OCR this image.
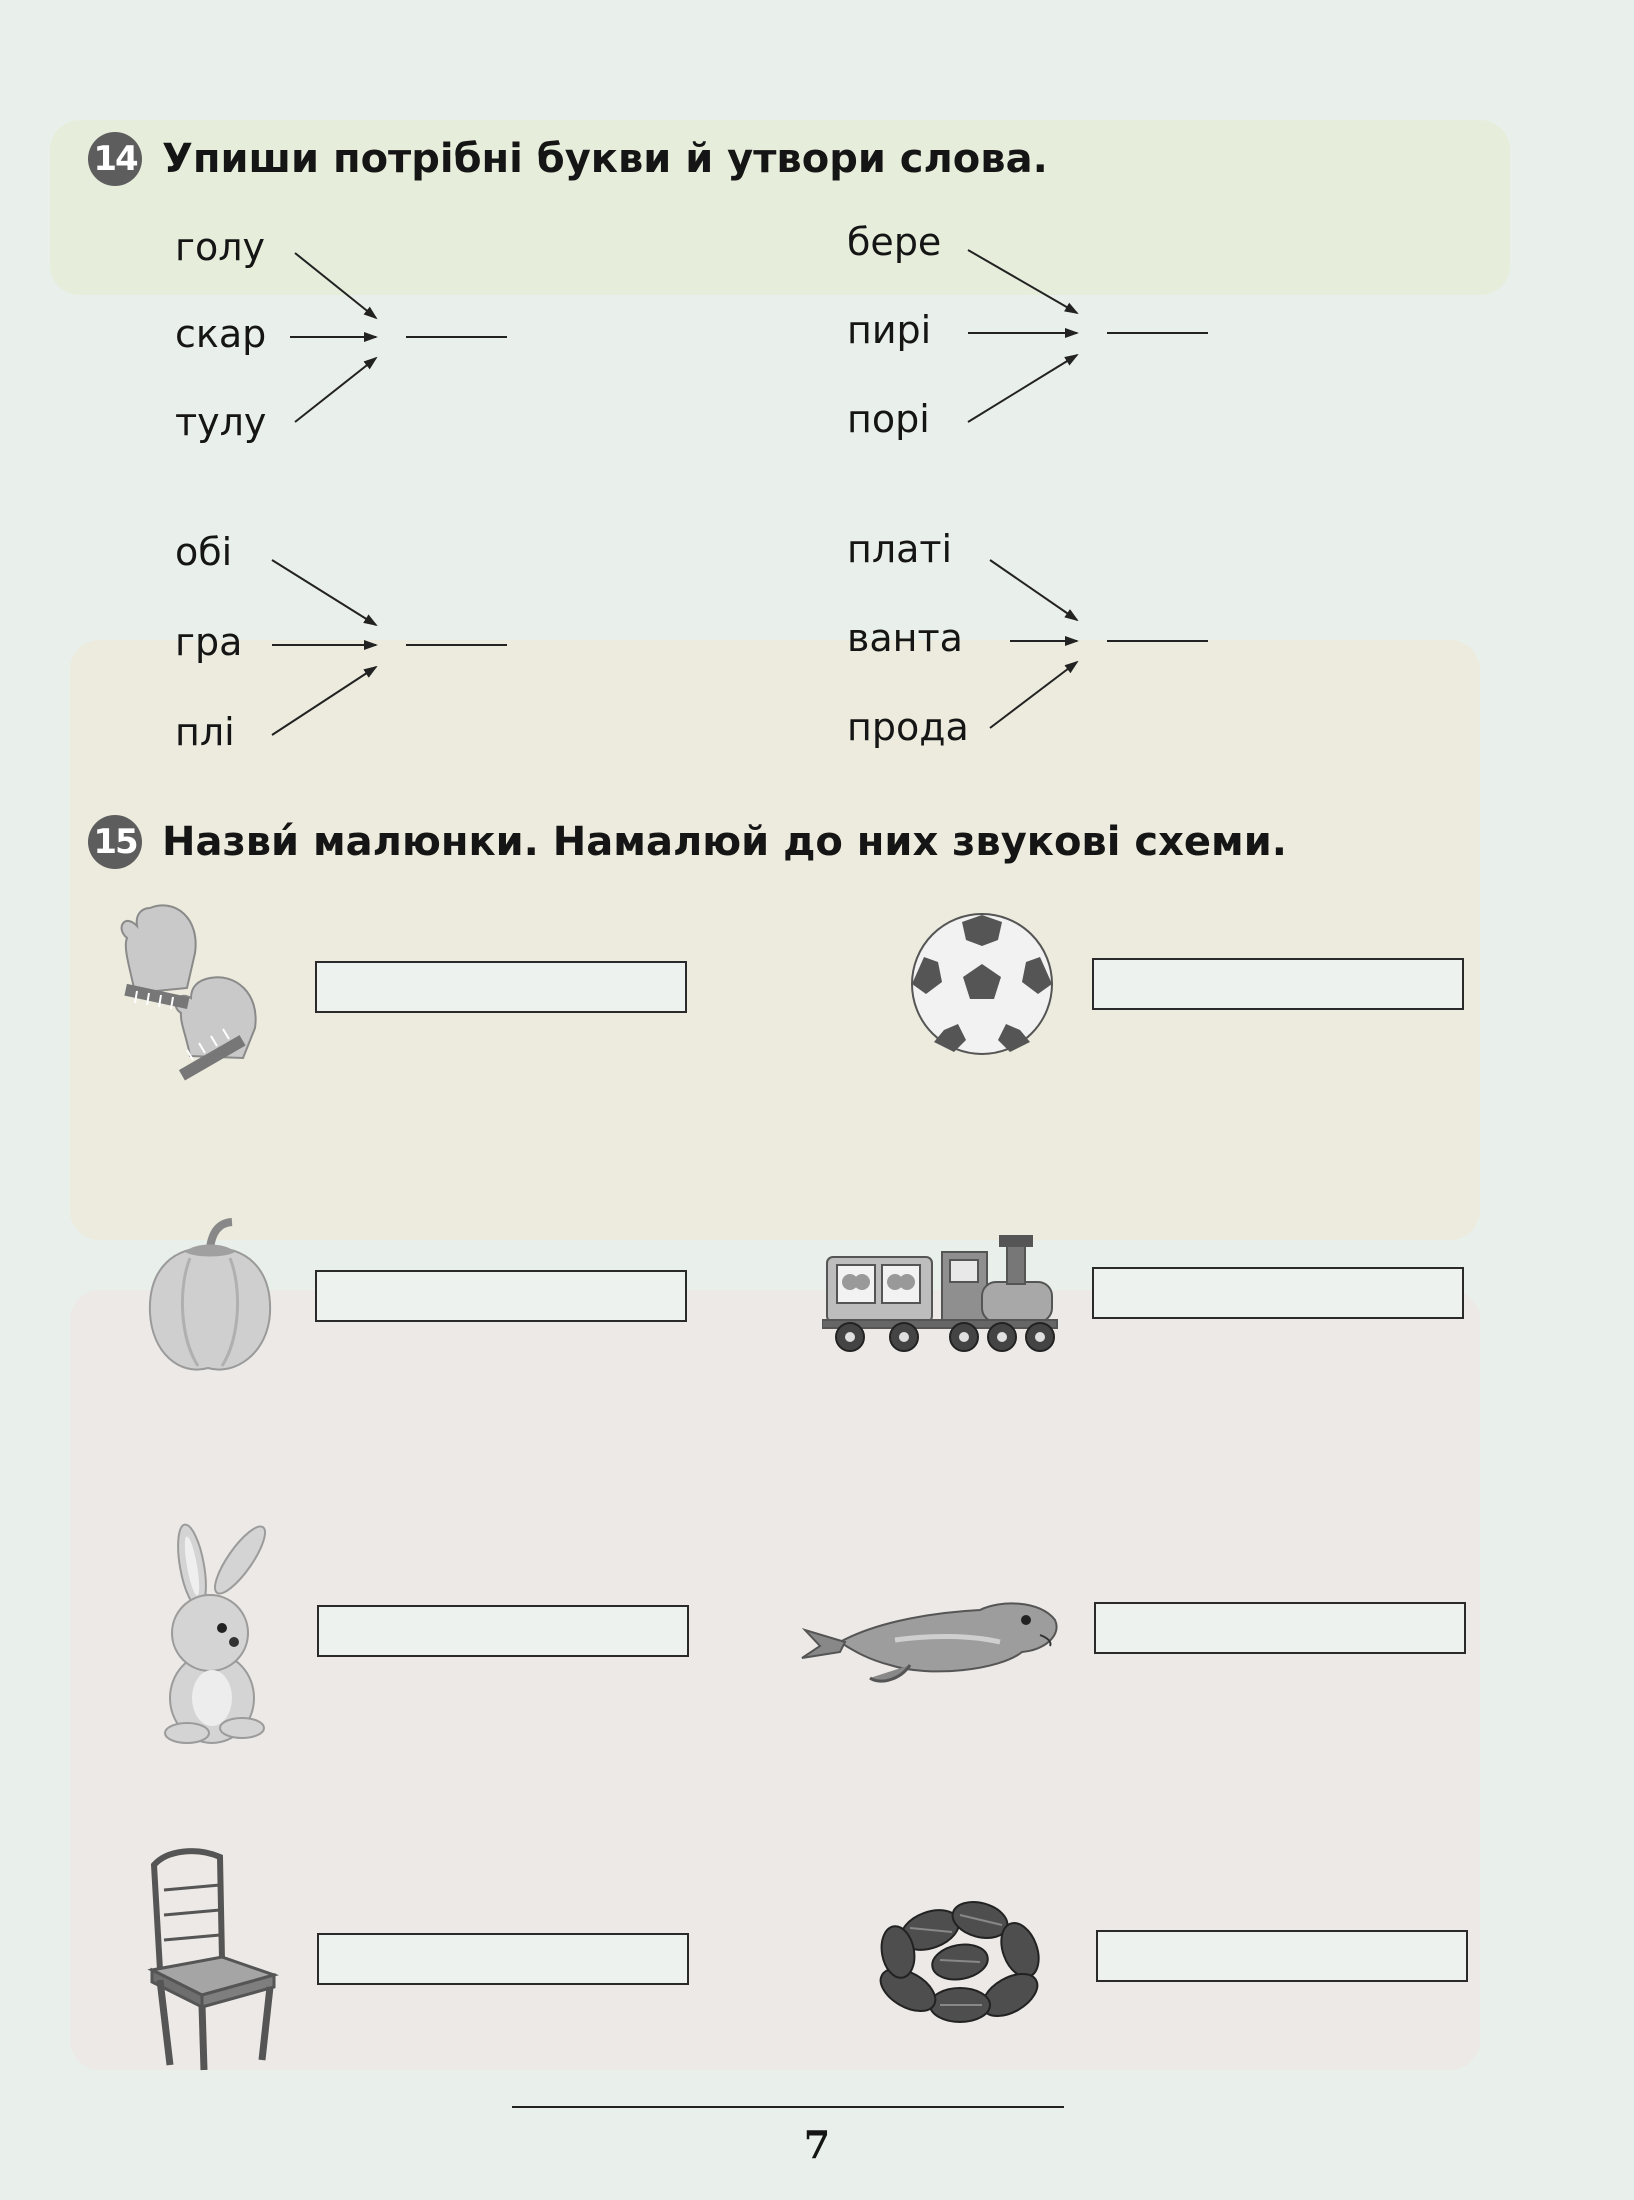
14 Упиши потрібні букви й утвори слова.
голу
скар
тулу
бере
пирі
порі
обі
гра
плі
платі
ванта
прода
15 Назви́ малюнки. Намалюй до них звукові схеми.
7
